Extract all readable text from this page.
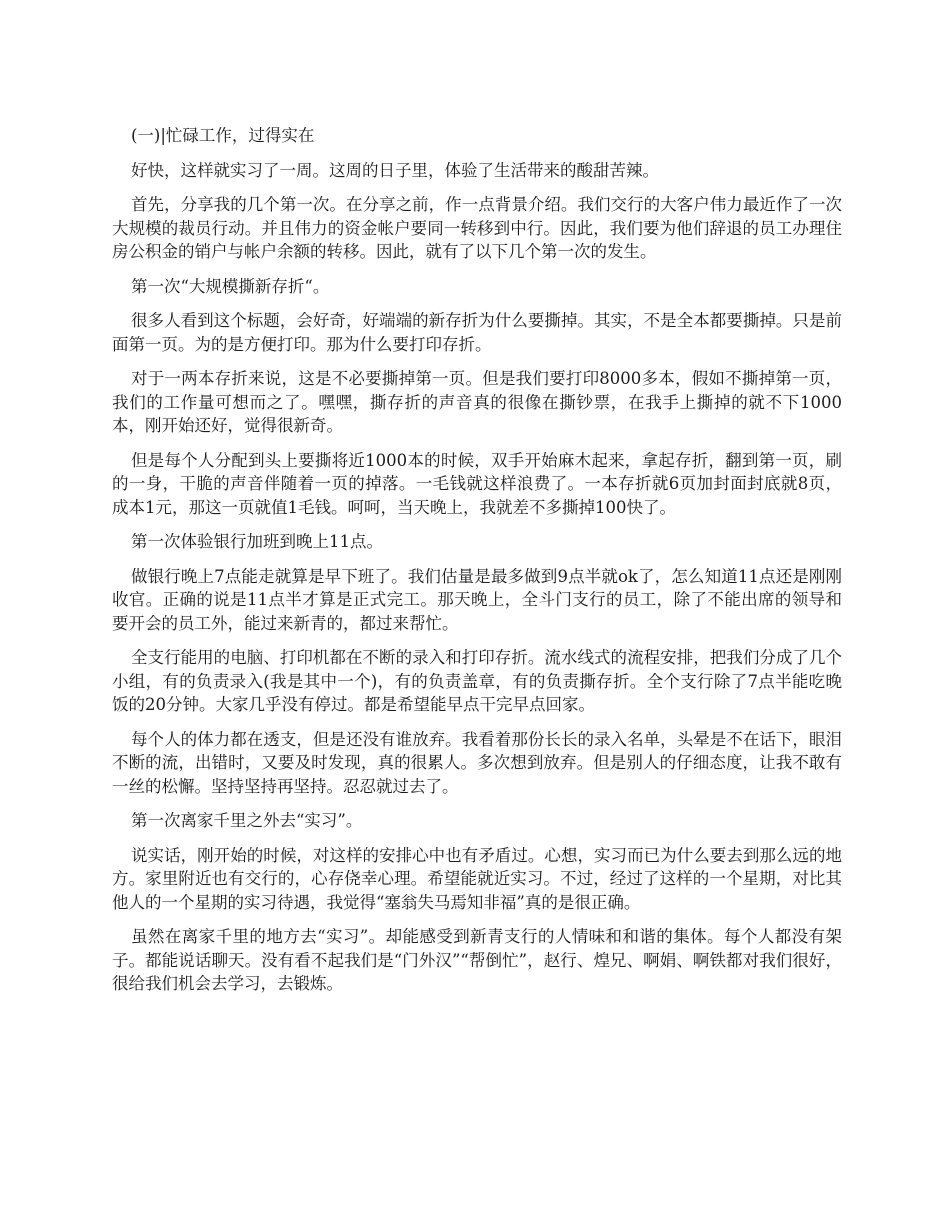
(一)|忙碌工作，过得实在

好快，这样就实习了一周。这周的日子里，体验了生活带来的酸甜苦辣。

首先，分享我的几个第一次。在分享之前，作一点背景介绍。我们交行的大客户伟力最近作了一次大规模的裁员行动。并且伟力的资金帐户要同一转移到中行。因此，我们要为他们辞退的员工办理住房公积金的销户与帐户余额的转移。因此，就有了以下几个第一次的发生。

第一次“大规模撕新存折“。

很多人看到这个标题，会好奇，好端端的新存折为什么要撕掉。其实，不是全本都要撕掉。只是前面第一页。为的是方便打印。那为什么要打印存折。

对于一两本存折来说，这是不必要撕掉第一页。但是我们要打印8000多本，假如不撕掉第一页，我们的工作量可想而之了。嘿嘿，撕存折的声音真的很像在撕钞票，在我手上撕掉的就不下1000本，刚开始还好，觉得很新奇。

但是每个人分配到头上要撕将近1000本的时候，双手开始麻木起来，拿起存折，翻到第一页，刷的一身，干脆的声音伴随着一页的掉落。一毛钱就这样浪费了。一本存折就6页加封面封底就8页，成本1元，那这一页就值1毛钱。呵呵，当天晚上，我就差不多撕掉100快了。

第一次体验银行加班到晚上11点。

做银行晚上7点能走就算是早下班了。我们估量是最多做到9点半就ok了，怎么知道11点还是刚刚收官。正确的说是11点半才算是正式完工。那天晚上，全斗门支行的员工，除了不能出席的领导和要开会的员工外，能过来新青的，都过来帮忙。

全支行能用的电脑、打印机都在不断的录入和打印存折。流水线式的流程安排，把我们分成了几个小组，有的负责录入(我是其中一个)，有的负责盖章，有的负责撕存折。全个支行除了7点半能吃晚饭的20分钟。大家几乎没有停过。都是希望能早点干完早点回家。

每个人的体力都在透支，但是还没有谁放弃。我看着那份长长的录入名单，头晕是不在话下，眼泪不断的流，出错时，又要及时发现，真的很累人。多次想到放弃。但是别人的仔细态度，让我不敢有一丝的松懈。坚持坚持再坚持。忍忍就过去了。

第一次离家千里之外去“实习”。

说实话，刚开始的时候，对这样的安排心中也有矛盾过。心想，实习而已为什么要去到那么远的地方。家里附近也有交行的，心存侥幸心理。希望能就近实习。不过，经过了这样的一个星期，对比其他人的一个星期的实习待遇，我觉得“塞翁失马焉知非福”真的是很正确。

虽然在离家千里的地方去“实习”。却能感受到新青支行的人情味和和谐的集体。每个人都没有架子。都能说话聊天。没有看不起我们是“门外汉”“帮倒忙”，赵行、煌兄、啊娟、啊铁都对我们很好，很给我们机会去学习，去锻炼。
